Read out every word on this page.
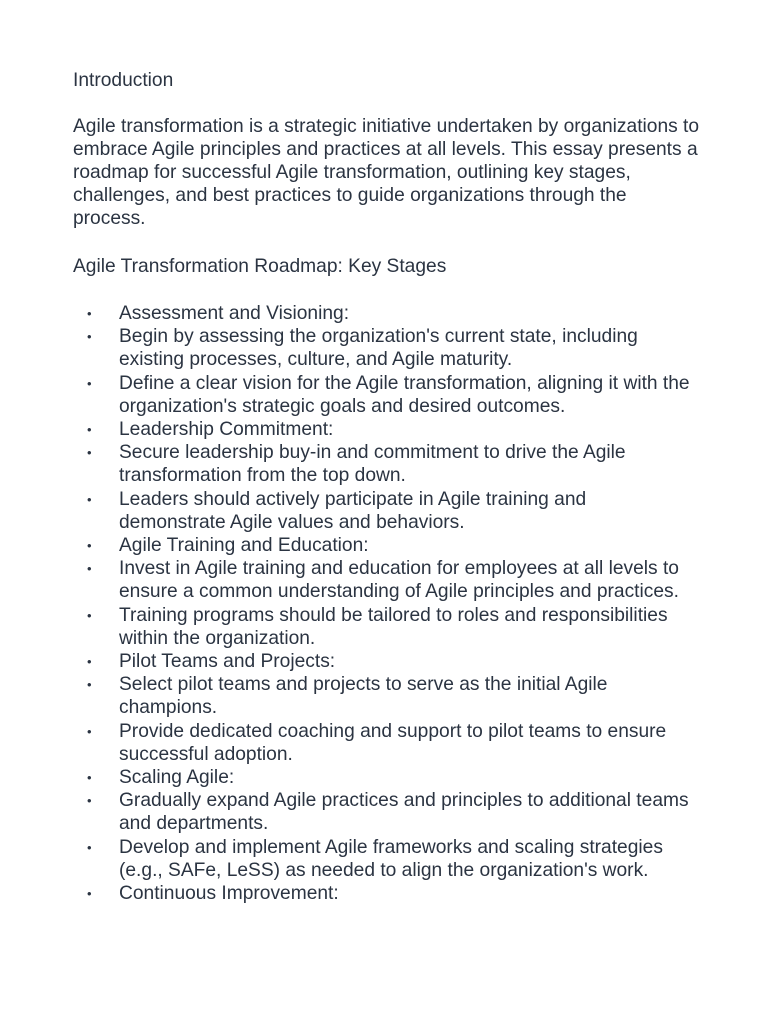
Introduction

Agile transformation is a strategic initiative undertaken by organizations to embrace Agile principles and practices at all levels. This essay presents a roadmap for successful Agile transformation, outlining key stages, challenges, and best practices to guide organizations through the process.

Agile Transformation Roadmap: Key Stages

• Assessment and Visioning:
• Begin by assessing the organization's current state, including existing processes, culture, and Agile maturity.
• Define a clear vision for the Agile transformation, aligning it with the organization's strategic goals and desired outcomes.
• Leadership Commitment:
• Secure leadership buy-in and commitment to drive the Agile transformation from the top down.
• Leaders should actively participate in Agile training and demonstrate Agile values and behaviors.
• Agile Training and Education:
• Invest in Agile training and education for employees at all levels to ensure a common understanding of Agile principles and practices.
• Training programs should be tailored to roles and responsibilities within the organization.
• Pilot Teams and Projects:
• Select pilot teams and projects to serve as the initial Agile champions.
• Provide dedicated coaching and support to pilot teams to ensure successful adoption.
• Scaling Agile:
• Gradually expand Agile practices and principles to additional teams and departments.
• Develop and implement Agile frameworks and scaling strategies (e.g., SAFe, LeSS) as needed to align the organization's work.
• Continuous Improvement:
